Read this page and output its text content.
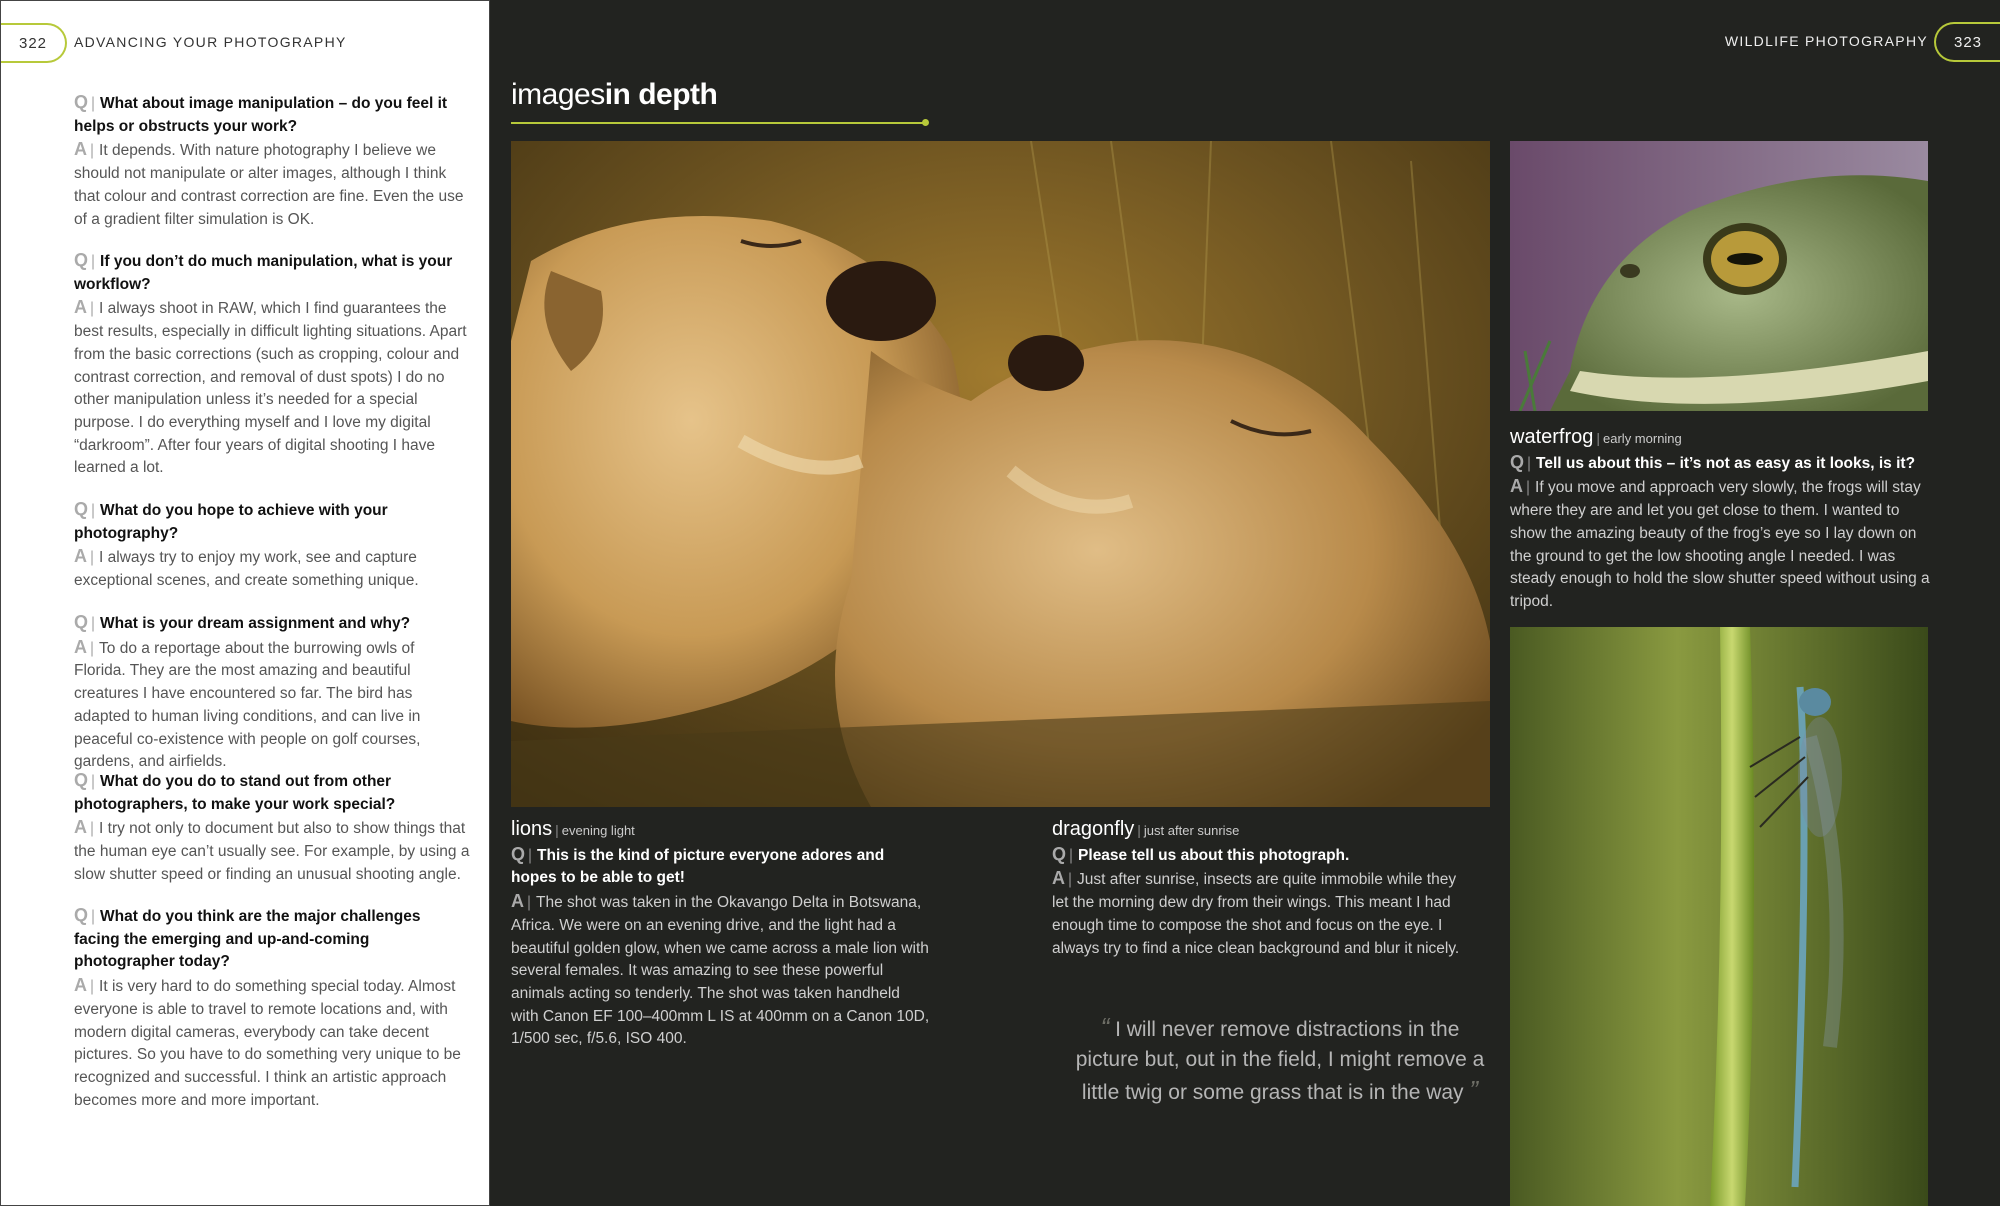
322	ADVANCING YOUR PHOTOGRAPHY

Q | What about image manipulation – do you feel it helps or obstructs your work?

A | It depends. With nature photography I believe we should not manipulate or alter images, although I think that colour and contrast correction are fine. Even the use of a gradient filter simulation is OK.

Q | If you don’t do much manipulation, what is your workflow?

A | I always shoot in RAW, which I find guarantees the best results, especially in difficult lighting situations. Apart from the basic corrections (such as cropping, colour and contrast correction, and removal of dust spots) I do no other manipulation unless it’s needed for a special purpose. I do everything myself and I love my digital “darkroom”. After four years of digital shooting I have learned a lot.

Q | What do you hope to achieve with your photography?

A | I always try to enjoy my work, see and capture exceptional scenes, and create something unique.

Q | What is your dream assignment and why?

A | To do a reportage about the burrowing owls of Florida. They are the most amazing and beautiful creatures I have encountered so far. The bird has adapted to human living conditions, and can live in peaceful co-existence with people on golf courses, gardens, and airfields.

Q | What do you do to stand out from other photographers, to make your work special?

A | I try not only to document but also to show things that the human eye can’t usually see. For example, by using a slow shutter speed or finding an unusual shooting angle.

Q | What do you think are the major challenges facing the emerging and up-and-coming photographer today?

A | It is very hard to do something special today. Almost everyone is able to travel to remote locations and, with modern digital cameras, everybody can take decent pictures. So you have to do something very unique to be recognized and successful. I think an artistic approach becomes more and more important.

WILDLIFE PHOTOGRAPHY	323
imagesin depth

waterfrog | early morning

Q | Tell us about this – it’s not as easy as it looks, is it?

A | If you move and approach very slowly, the frogs will stay where they are and let you get close to them. I wanted to show the amazing beauty of the frog’s eye so I lay down on the ground to get the low shooting angle I needed. I was steady enough to hold the slow shutter speed without using a tripod.

lions | evening light

Q | This is the kind of picture everyone adores and hopes to be able to get!

A | The shot was taken in the Okavango Delta in Botswana, Africa. We were on an evening drive, and the light had a beautiful golden glow, when we came across a male lion with several females. It was amazing to see these powerful animals acting so tenderly. The shot was taken handheld with Canon EF 100–400mm L IS at 400mm on a Canon 10D, 1/500 sec, f/5.6, ISO 400.

dragonfly | just after sunrise

Q | Please tell us about this photograph.

A | Just after sunrise, insects are quite immobile while they let the morning dew dry from their wings. This meant I had enough time to compose the shot and focus on the eye. I always try to find a nice clean background and blur it nicely.

“ I will never remove distractions in the picture but, out in the field, I might remove a little twig or some grass that is in the way ”
